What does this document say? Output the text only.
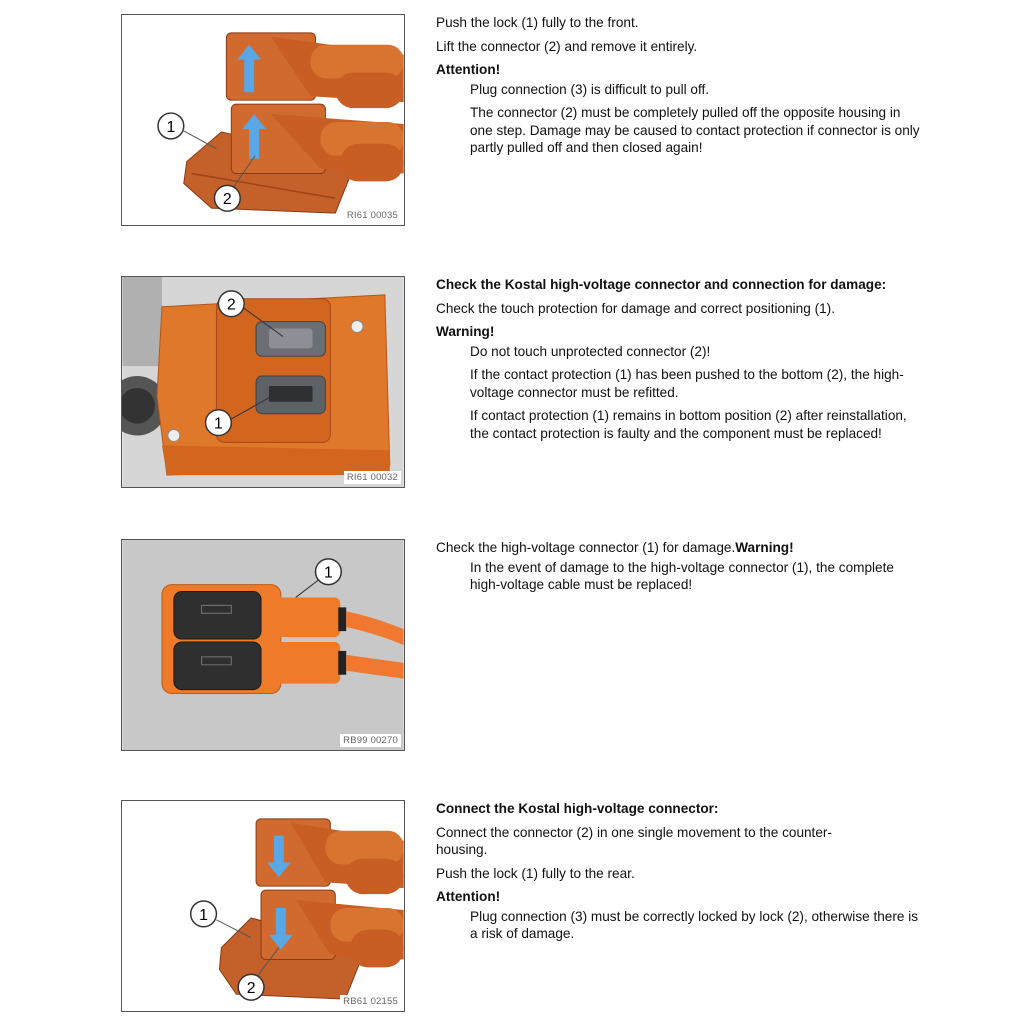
1
2
RI61 00035

Push the lock (1) fully to the front.

Lift the connector (2) and remove it entirely.

Attention!

Plug connection (3) is difficult to pull off.

The connector (2) must be completely pulled off the opposite housing in one step. Damage may be caused to contact protection if connector is only partly pulled off and then closed again!

2
1
RI61 00032

Check the Kostal high-voltage connector and connection for damage:

Check the touch protection for damage and correct positioning (1).

Warning!

Do not touch unprotected connector (2)!

If the contact protection (1) has been pushed to the bottom (2), the high-voltage connector must be refitted.

If contact protection (1) remains in bottom position (2) after reinstallation, the contact protection is faulty and the component must be replaced!

1
RB99 00270

Check the high-voltage connector (1) for damage.Warning!

In the event of damage to the high-voltage connector (1), the complete high-voltage cable must be replaced!

1
2
RB61 02155

Connect the Kostal high-voltage connector:

Connect the connector (2) in one single movement to the counter-housing.

Push the lock (1) fully to the rear.

Attention!

Plug connection (3) must be correctly locked by lock (2), otherwise there is a risk of damage.
